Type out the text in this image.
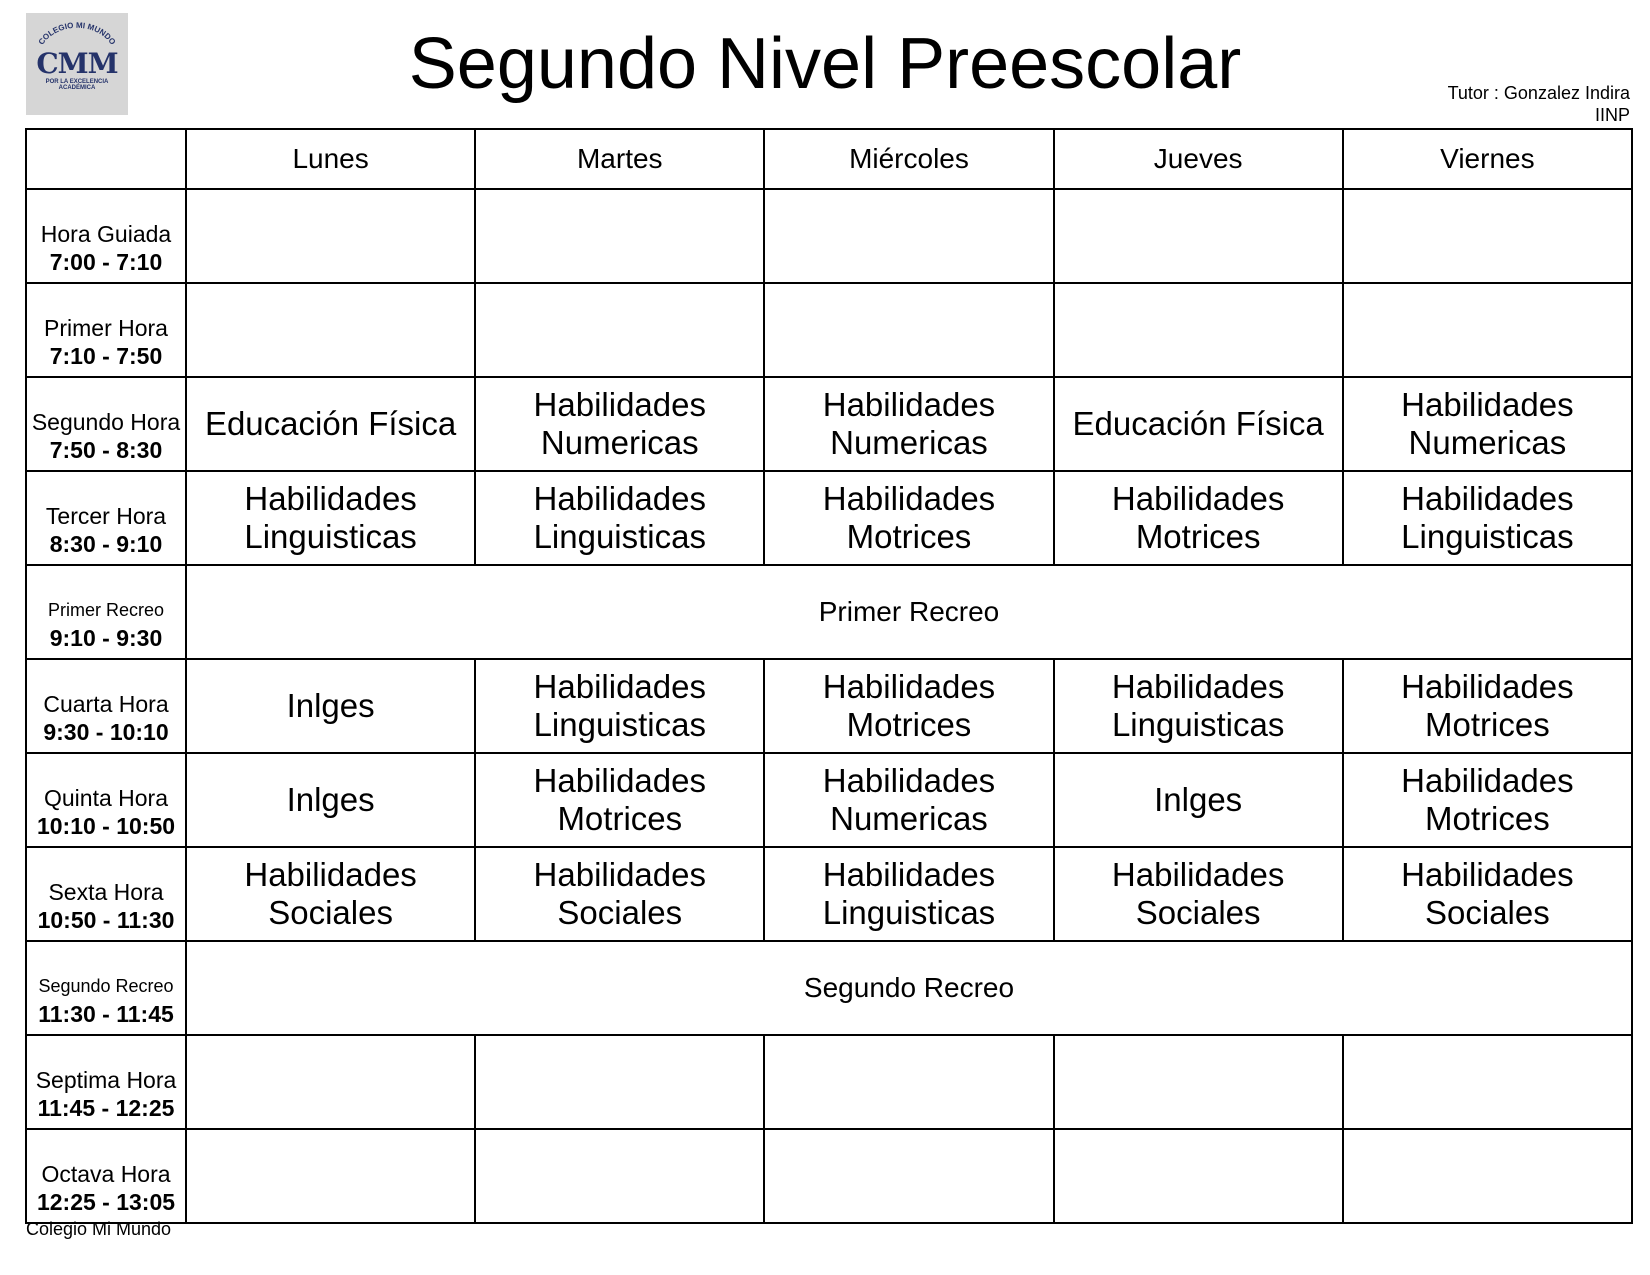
COLEGIO MI MUNDO
CMM
POR LA EXCELENCIA ACADÉMICA	Segundo Nivel Preescolar	Tutor : Gonzalez Indira
IINP
	Lunes	Martes	Miércoles	Jueves	Viernes

Hora Guiada
7:00 - 7:10					

Primer Hora
7:10 - 7:50					

Segundo Hora
7:50 - 8:30	Educación Física	Habilidades Numericas	Habilidades Numericas	Educación Física	Habilidades Numericas

Tercer Hora
8:30 - 9:10	Habilidades Linguisticas	Habilidades Linguisticas	Habilidades Motrices	Habilidades Motrices	Habilidades Linguisticas

Primer Recreo
9:10 - 9:30	Primer Recreo				

Cuarta Hora
9:30 - 10:10	Inlges	Habilidades Linguisticas	Habilidades Motrices	Habilidades Linguisticas	Habilidades Motrices

Quinta Hora
10:10 - 10:50	Inlges	Habilidades Motrices	Habilidades Numericas	Inlges	Habilidades Motrices

Sexta Hora
10:50 - 11:30	Habilidades Sociales	Habilidades Sociales	Habilidades Linguisticas	Habilidades Sociales	Habilidades Sociales

Segundo Recreo
11:30 - 11:45	Segundo Recreo				

Septima Hora
11:45 - 12:25					

Octava Hora
12:25 - 13:05					

Colegio Mi Mundo
